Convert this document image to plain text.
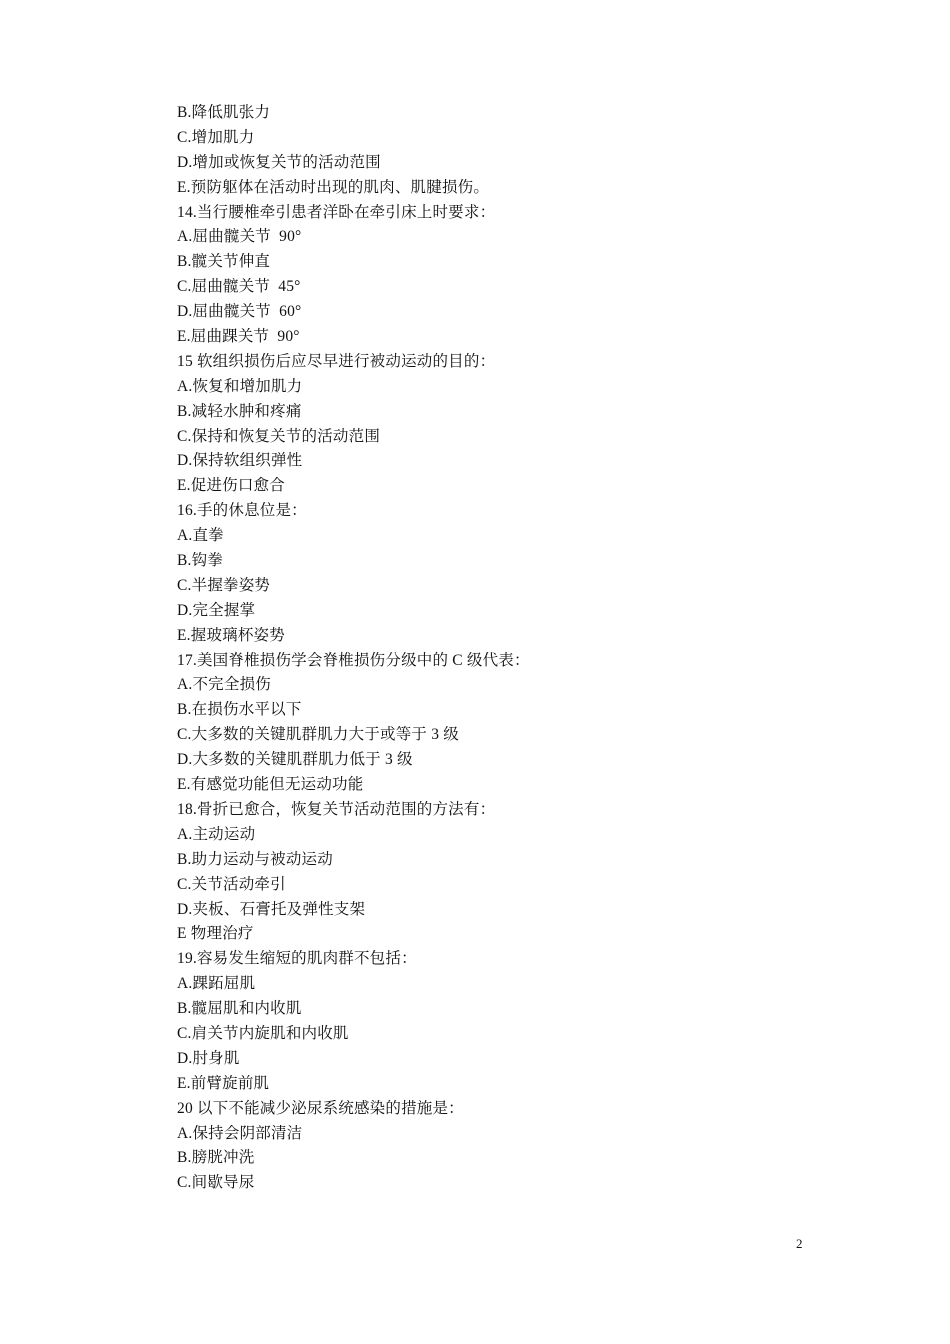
B.降低肌张力
C.增加肌力
D.增加或恢复关节的活动范围
E.预防躯体在活动时出现的肌肉、肌腱损伤。
14.当行腰椎牵引患者洋卧在牵引床上时要求：
A.屈曲髋关节  90°
B.髋关节伸直
C.屈曲髋关节  45°
D.屈曲髋关节  60°
E.屈曲踝关节  90°
15 软组织损伤后应尽早进行被动运动的目的：
A.恢复和增加肌力
B.减轻水肿和疼痛
C.保持和恢复关节的活动范围
D.保持软组织弹性
E.促进伤口愈合
16.手的休息位是：
A.直拳
B.钩拳
C.半握拳姿势
D.完全握掌
E.握玻璃杯姿势
17.美国脊椎损伤学会脊椎损伤分级中的 C 级代表：
A.不完全损伤
B.在损伤水平以下
C.大多数的关键肌群肌力大于或等于 3 级
D.大多数的关键肌群肌力低于 3 级
E.有感觉功能但无运动功能
18.骨折已愈合，恢复关节活动范围的方法有：
A.主动运动
B.助力运动与被动运动
C.关节活动牵引
D.夹板、石膏托及弹性支架
E 物理治疗
19.容易发生缩短的肌肉群不包括：
A.踝跖屈肌
B.髋屈肌和内收肌
C.肩关节内旋肌和内收肌
D.肘身肌
E.前臂旋前肌
20 以下不能减少泌尿系统感染的措施是：
A.保持会阴部清洁
B.膀胱冲洗
C.间歇导尿
2
